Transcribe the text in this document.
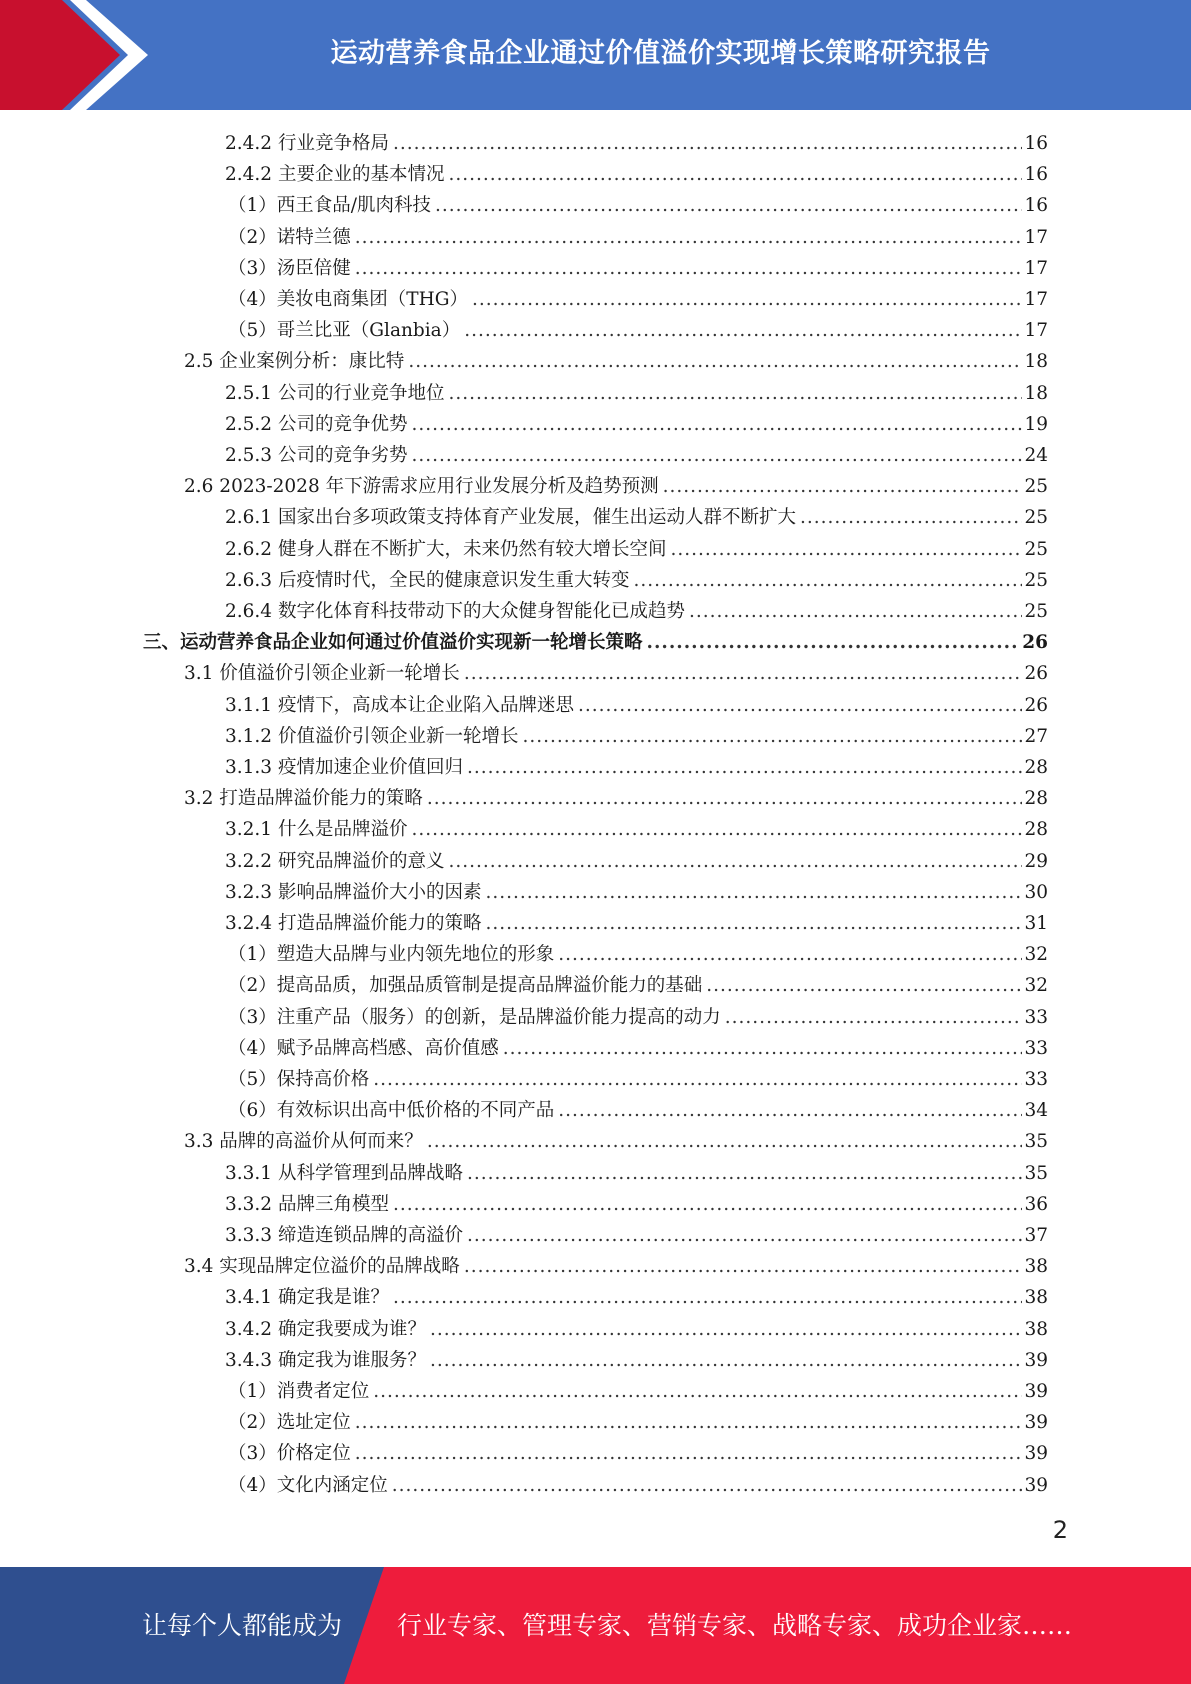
运动营养食品企业通过价值溢价实现增长策略研究报告
2.4.2 行业竞争格局 .....	16
2.4.2 主要企业的基本情况 .....	16
（1）西王食品/肌肉科技 .....	16
（2）诺特兰德 .....	17
（3）汤臣倍健 .....	17
（4）美妆电商集团（THG） .....	17
（5）哥兰比亚（Glanbia） .....	17
2.5 企业案例分析：康比特 .....	18
2.5.1 公司的行业竞争地位 .....	18
2.5.2 公司的竞争优势 .....	19
2.5.3 公司的竞争劣势 .....	24
2.6 2023-2028 年下游需求应用行业发展分析及趋势预测 .....	25
2.6.1 国家出台多项政策支持体育产业发展，催生出运动人群不断扩大 .....	25
2.6.2 健身人群在不断扩大，未来仍然有较大增长空间 .....	25
2.6.3 后疫情时代，全民的健康意识发生重大转变 .....	25
2.6.4 数字化体育科技带动下的大众健身智能化已成趋势 .....	25
三、运动营养食品企业如何通过价值溢价实现新一轮增长策略 .....	26
3.1 价值溢价引领企业新一轮增长 .....	26
3.1.1 疫情下，高成本让企业陷入品牌迷思 .....	26
3.1.2 价值溢价引领企业新一轮增长 .....	27
3.1.3 疫情加速企业价值回归 .....	28
3.2 打造品牌溢价能力的策略 .....	28
3.2.1 什么是品牌溢价 .....	28
3.2.2 研究品牌溢价的意义 .....	29
3.2.3 影响品牌溢价大小的因素 .....	30
3.2.4 打造品牌溢价能力的策略 .....	31
（1）塑造大品牌与业内领先地位的形象 .....	32
（2）提高品质，加强品质管制是提高品牌溢价能力的基础 .....	32
（3）注重产品（服务）的创新，是品牌溢价能力提高的动力 .....	33
（4）赋予品牌高档感、高价值感 .....	33
（5）保持高价格 .....	33
（6）有效标识出高中低价格的不同产品 .....	34
3.3 品牌的高溢价从何而来？ .....	35
3.3.1 从科学管理到品牌战略 .....	35
3.3.2 品牌三角模型 .....	36
3.3.3 缔造连锁品牌的高溢价 .....	37
3.4 实现品牌定位溢价的品牌战略 .....	38
3.4.1 确定我是谁？ .....	38
3.4.2 确定我要成为谁？ .....	38
3.4.3 确定我为谁服务？ .....	39
（1）消费者定位 .....	39
（2）选址定位 .....	39
（3）价格定位 .....	39
（4）文化内涵定位 .....	39
2
让每个人都能成为 行业专家、管理专家、营销专家、战略专家、成功企业家……
